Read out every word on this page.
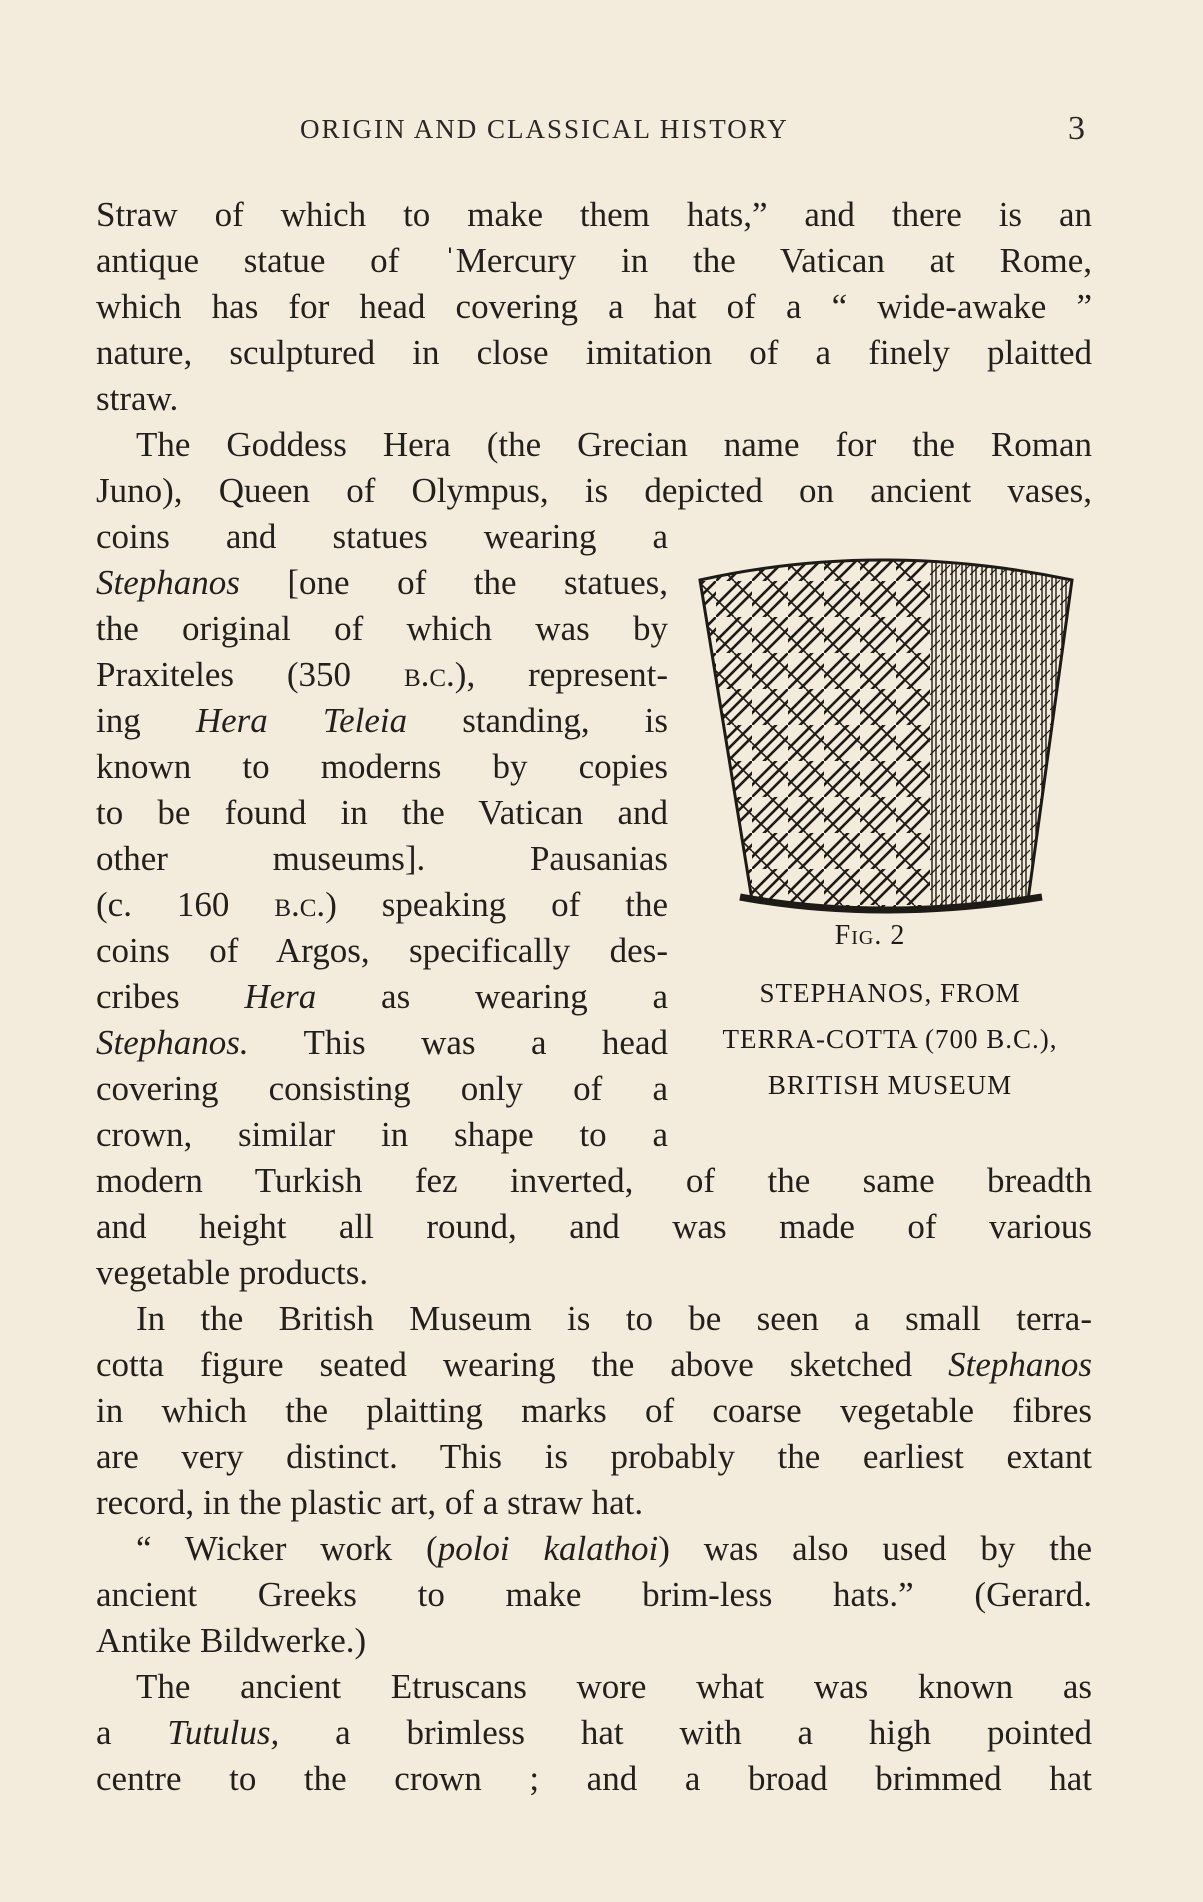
ORIGIN AND CLASSICAL HISTORY	3
Straw of which to make them hats,” and there is an
antique statue of ˈMercury in the Vatican at Rome,
which has for head covering a hat of a “ wide-awake ”
nature, sculptured in close imitation of a finely plaitted
straw.
The Goddess Hera (the Grecian name for the Roman
Juno), Queen of Olympus, is depicted on ancient vases,
coins and statues wearing a
Stephanos [one of the statues,
the original of which was by
Praxiteles (350 b.c.), represent-
ing Hera Teleia standing, is
known to moderns by copies
to be found in the Vatican and
other museums]. Pausanias
(c. 160 b.c.) speaking of the
coins of Argos, specifically des-
cribes Hera as wearing a
Stephanos. This was a head
covering consisting only of a
crown, similar in shape to a
Fig. 2
STEPHANOS, FROM
TERRA-COTTA (700 B.C.),
BRITISH MUSEUM
modern Turkish fez inverted, of the same breadth
and height all round, and was made of various
vegetable products.
In the British Museum is to be seen a small terra-
cotta figure seated wearing the above sketched Stephanos
in which the plaitting marks of coarse vegetable fibres
are very distinct. This is probably the earliest extant
record, in the plastic art, of a straw hat.
“ Wicker work (poloi kalathoi) was also used by the
ancient Greeks to make brim-less hats.” (Gerard.
Antike Bildwerke.)
The ancient Etruscans wore what was known as
a Tutulus, a brimless hat with a high pointed
centre to the crown ; and a broad brimmed hat
